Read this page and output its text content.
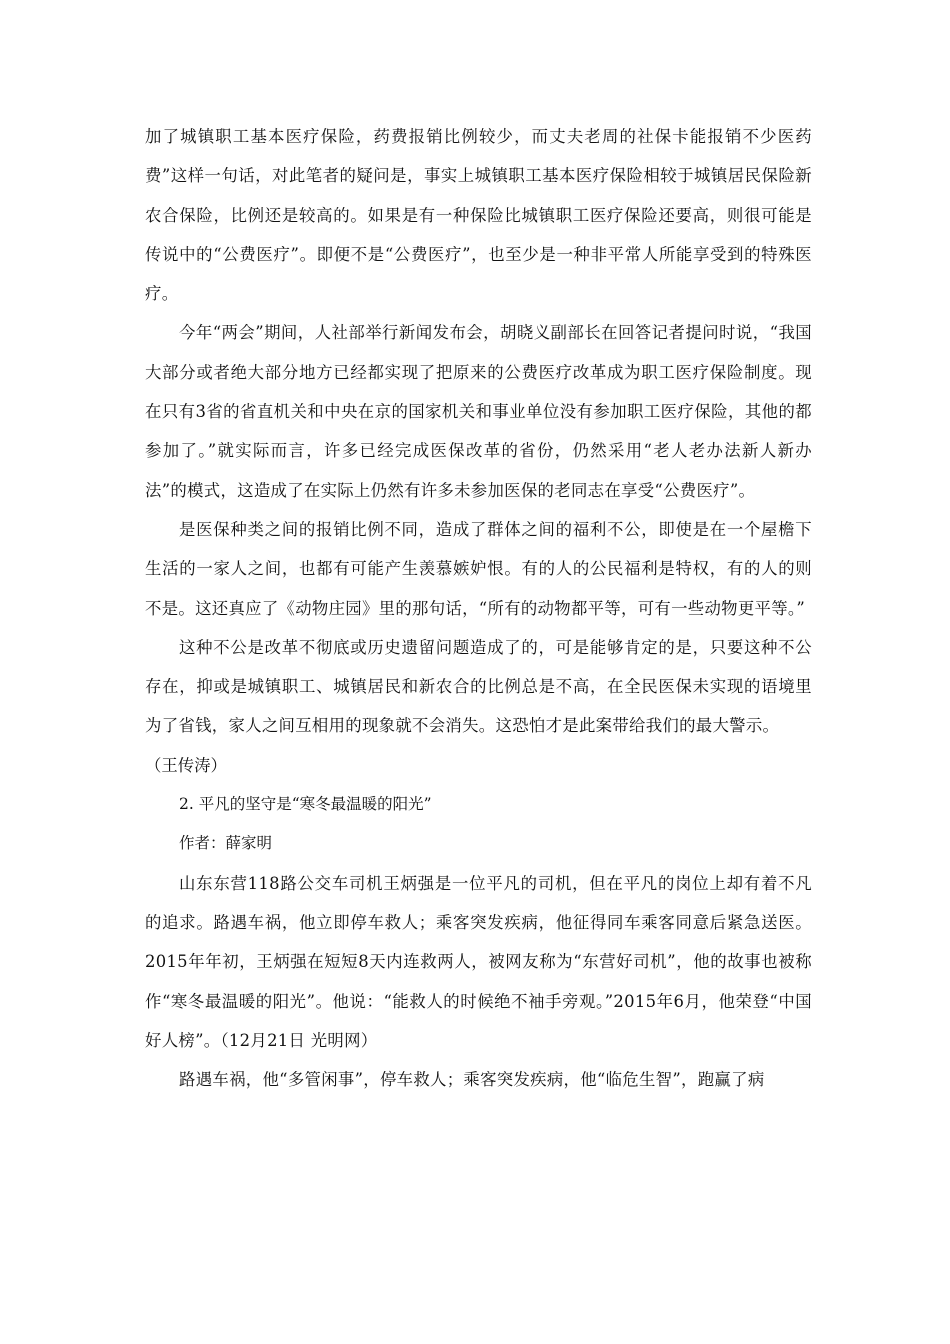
加了城镇职工基本医疗保险，药费报销比例较少，而丈夫老周的社保卡能报销不少医药费”这样一句话，对此笔者的疑问是，事实上城镇职工基本医疗保险相较于城镇居民保险新农合保险，比例还是较高的。如果是有一种保险比城镇职工医疗保险还要高，则很可能是传说中的“公费医疗”。即便不是“公费医疗”，也至少是一种非平常人所能享受到的特殊医疗。

今年“两会”期间，人社部举行新闻发布会，胡晓义副部长在回答记者提问时说，“我国大部分或者绝大部分地方已经都实现了把原来的公费医疗改革成为职工医疗保险制度。现在只有3省的省直机关和中央在京的国家机关和事业单位没有参加职工医疗保险，其他的都参加了。”就实际而言，许多已经完成医保改革的省份，仍然采用“老人老办法新人新办法”的模式，这造成了在实际上仍然有许多未参加医保的老同志在享受“公费医疗”。

是医保种类之间的报销比例不同，造成了群体之间的福利不公，即使是在一个屋檐下生活的一家人之间，也都有可能产生羡慕嫉妒恨。有的人的公民福利是特权，有的人的则不是。这还真应了《动物庄园》里的那句话，“所有的动物都平等，可有一些动物更平等。”

这种不公是改革不彻底或历史遗留问题造成了的，可是能够肯定的是，只要这种不公存在，抑或是城镇职工、城镇居民和新农合的比例总是不高，在全民医保未实现的语境里为了省钱，家人之间互相用的现象就不会消失。这恐怕才是此案带给我们的最大警示。

（王传涛）

2. 平凡的坚守是“寒冬最温暖的阳光”

作者：薛家明

山东东营118路公交车司机王炳强是一位平凡的司机，但在平凡的岗位上却有着不凡的追求。路遇车祸，他立即停车救人；乘客突发疾病，他征得同车乘客同意后紧急送医。2015年年初，王炳强在短短8天内连救两人，被网友称为“东营好司机”，他的故事也被称作“寒冬最温暖的阳光”。他说：“能救人的时候绝不袖手旁观。”2015年6月，他荣登“中国好人榜”。（12月21日 光明网）

路遇车祸，他“多管闲事”，停车救人；乘客突发疾病，他“临危生智”，跑赢了病
